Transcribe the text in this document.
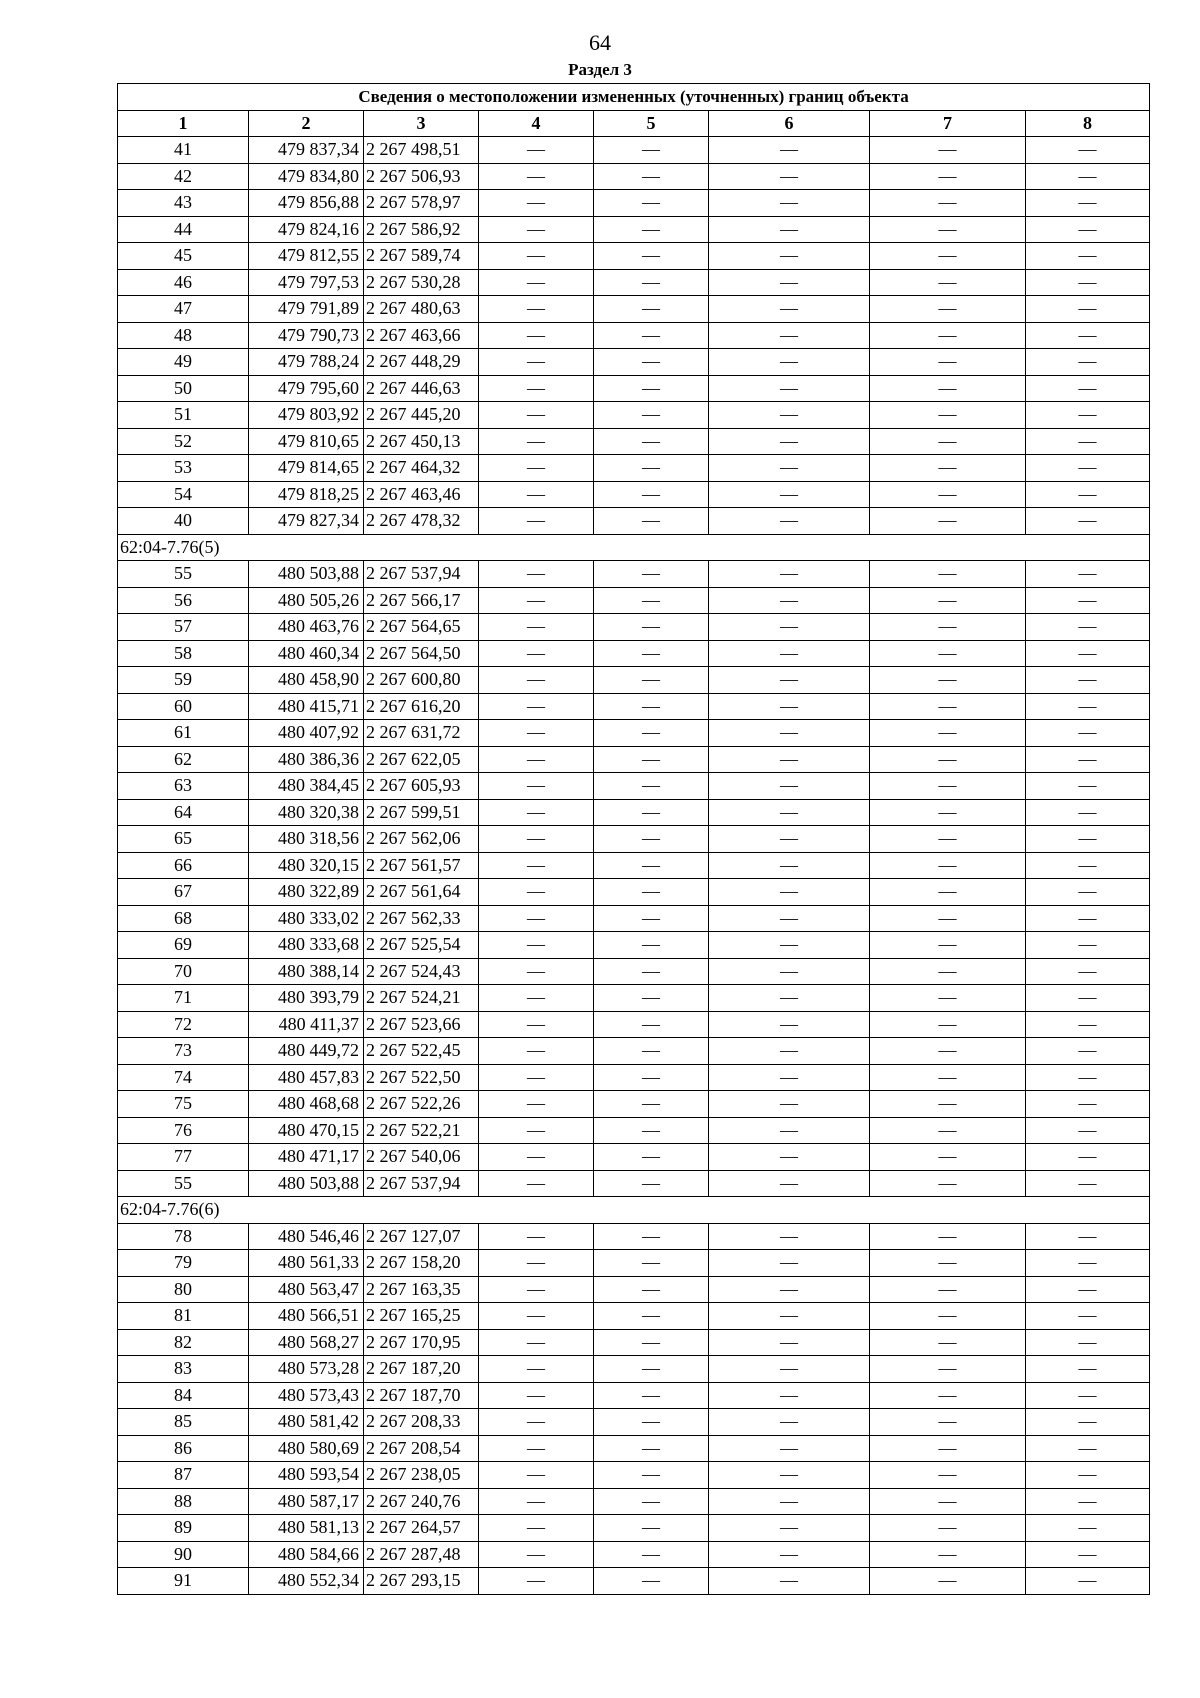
64
Раздел 3
Сведения о местоположении измененных (уточненных) границ объекта							
1	2	3	4	5	6	7	8
41	479 837,34	2 267 498,51	—	—	—	—	—
42	479 834,80	2 267 506,93	—	—	—	—	—
43	479 856,88	2 267 578,97	—	—	—	—	—
44	479 824,16	2 267 586,92	—	—	—	—	—
45	479 812,55	2 267 589,74	—	—	—	—	—
46	479 797,53	2 267 530,28	—	—	—	—	—
47	479 791,89	2 267 480,63	—	—	—	—	—
48	479 790,73	2 267 463,66	—	—	—	—	—
49	479 788,24	2 267 448,29	—	—	—	—	—
50	479 795,60	2 267 446,63	—	—	—	—	—
51	479 803,92	2 267 445,20	—	—	—	—	—
52	479 810,65	2 267 450,13	—	—	—	—	—
53	479 814,65	2 267 464,32	—	—	—	—	—
54	479 818,25	2 267 463,46	—	—	—	—	—
40	479 827,34	2 267 478,32	—	—	—	—	—
62:04-7.76(5)							
55	480 503,88	2 267 537,94	—	—	—	—	—
56	480 505,26	2 267 566,17	—	—	—	—	—
57	480 463,76	2 267 564,65	—	—	—	—	—
58	480 460,34	2 267 564,50	—	—	—	—	—
59	480 458,90	2 267 600,80	—	—	—	—	—
60	480 415,71	2 267 616,20	—	—	—	—	—
61	480 407,92	2 267 631,72	—	—	—	—	—
62	480 386,36	2 267 622,05	—	—	—	—	—
63	480 384,45	2 267 605,93	—	—	—	—	—
64	480 320,38	2 267 599,51	—	—	—	—	—
65	480 318,56	2 267 562,06	—	—	—	—	—
66	480 320,15	2 267 561,57	—	—	—	—	—
67	480 322,89	2 267 561,64	—	—	—	—	—
68	480 333,02	2 267 562,33	—	—	—	—	—
69	480 333,68	2 267 525,54	—	—	—	—	—
70	480 388,14	2 267 524,43	—	—	—	—	—
71	480 393,79	2 267 524,21	—	—	—	—	—
72	480 411,37	2 267 523,66	—	—	—	—	—
73	480 449,72	2 267 522,45	—	—	—	—	—
74	480 457,83	2 267 522,50	—	—	—	—	—
75	480 468,68	2 267 522,26	—	—	—	—	—
76	480 470,15	2 267 522,21	—	—	—	—	—
77	480 471,17	2 267 540,06	—	—	—	—	—
55	480 503,88	2 267 537,94	—	—	—	—	—
62:04-7.76(6)							
78	480 546,46	2 267 127,07	—	—	—	—	—
79	480 561,33	2 267 158,20	—	—	—	—	—
80	480 563,47	2 267 163,35	—	—	—	—	—
81	480 566,51	2 267 165,25	—	—	—	—	—
82	480 568,27	2 267 170,95	—	—	—	—	—
83	480 573,28	2 267 187,20	—	—	—	—	—
84	480 573,43	2 267 187,70	—	—	—	—	—
85	480 581,42	2 267 208,33	—	—	—	—	—
86	480 580,69	2 267 208,54	—	—	—	—	—
87	480 593,54	2 267 238,05	—	—	—	—	—
88	480 587,17	2 267 240,76	—	—	—	—	—
89	480 581,13	2 267 264,57	—	—	—	—	—
90	480 584,66	2 267 287,48	—	—	—	—	—
91	480 552,34	2 267 293,15	—	—	—	—	—
